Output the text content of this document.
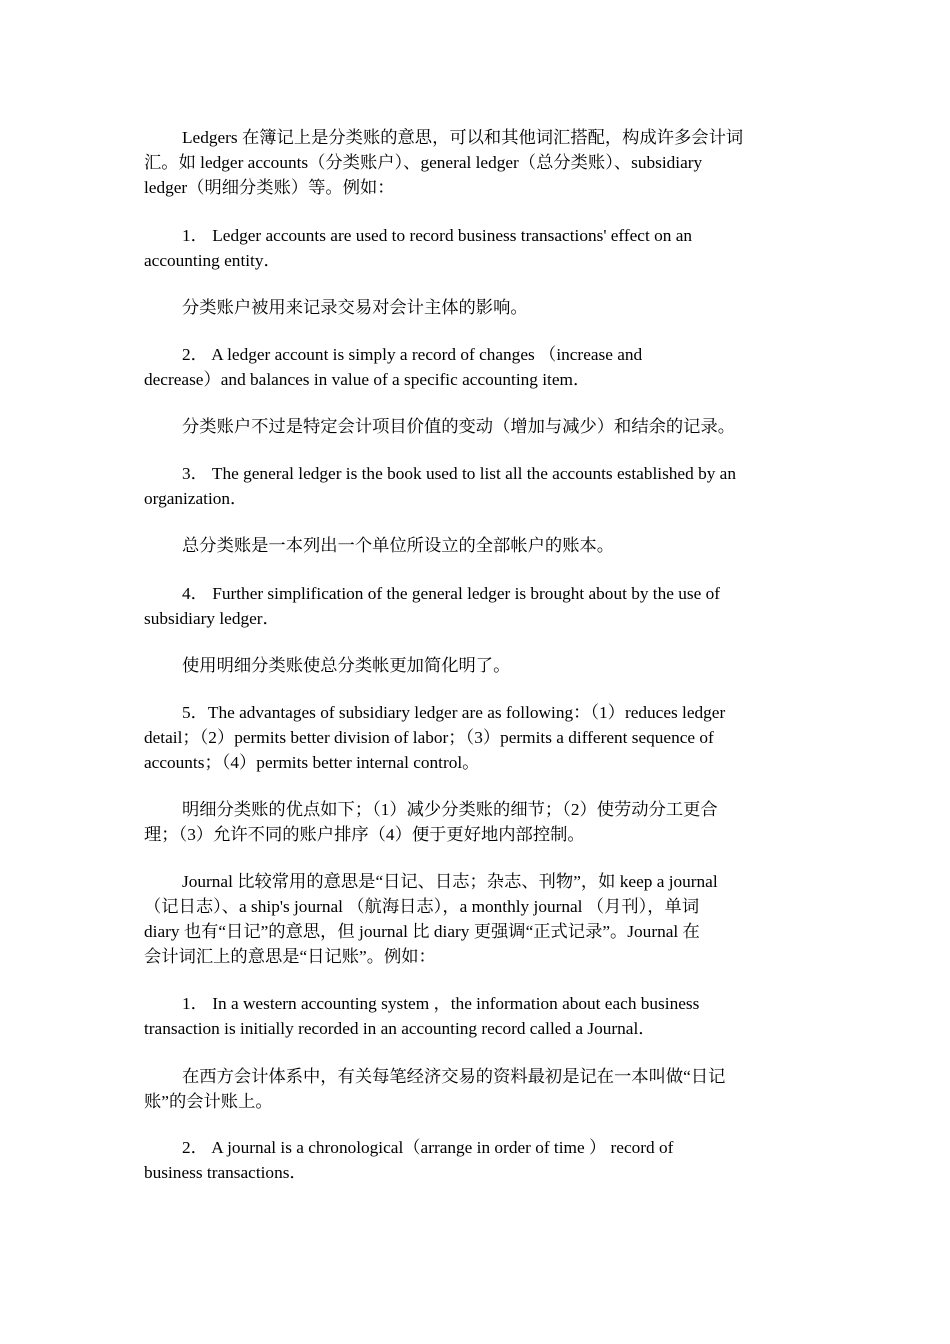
Ledgers 在簿记上是分类账的意思，可以和其他词汇搭配，构成许多会计词
汇。如 ledger accounts（分类账户）、general ledger（总分类账）、subsidiary
ledger（明细分类账）等。例如：
1． Ledger accounts are used to record business transactions' effect on an
accounting entity．
分类账户被用来记录交易对会计主体的影响。
2． A ledger account is simply a record of changes （increase and
decrease）and balances in value of a specific accounting item．
分类账户不过是特定会计项目价值的变动（增加与减少）和结余的记录。
3． The general ledger is the book used to list all the accounts established by an
organization．
总分类账是一本列出一个单位所设立的全部帐户的账本。
4． Further simplification of the general ledger is brought about by the use of
subsidiary ledger．
使用明细分类账使总分类帐更加简化明了。
5．The advantages of subsidiary ledger are as following：（1）reduces ledger
detail；（2）permits better division of labor；（3）permits a different sequence of
accounts；（4）permits better internal control。
明细分类账的优点如下；（1）减少分类账的细节；（2）使劳动分工更合
理；（3）允许不同的账户排序（4）便于更好地内部控制。
Journal 比较常用的意思是“日记、日志；杂志、刊物”，如 keep a journal
（记日志）、a ship's journal （航海日志），a monthly journal （月刊），单词
diary 也有“日记”的意思，但 journal 比 diary 更强调“正式记录”。Journal 在
会计词汇上的意思是“日记账”。例如：
1． In a western accounting system ，the information about each business
transaction is initially recorded in an accounting record called a Journal．
在西方会计体系中，有关每笔经济交易的资料最初是记在一本叫做“日记
账”的会计账上。
2． A journal is a chronological（arrange in order of time ） record of
business transactions．
